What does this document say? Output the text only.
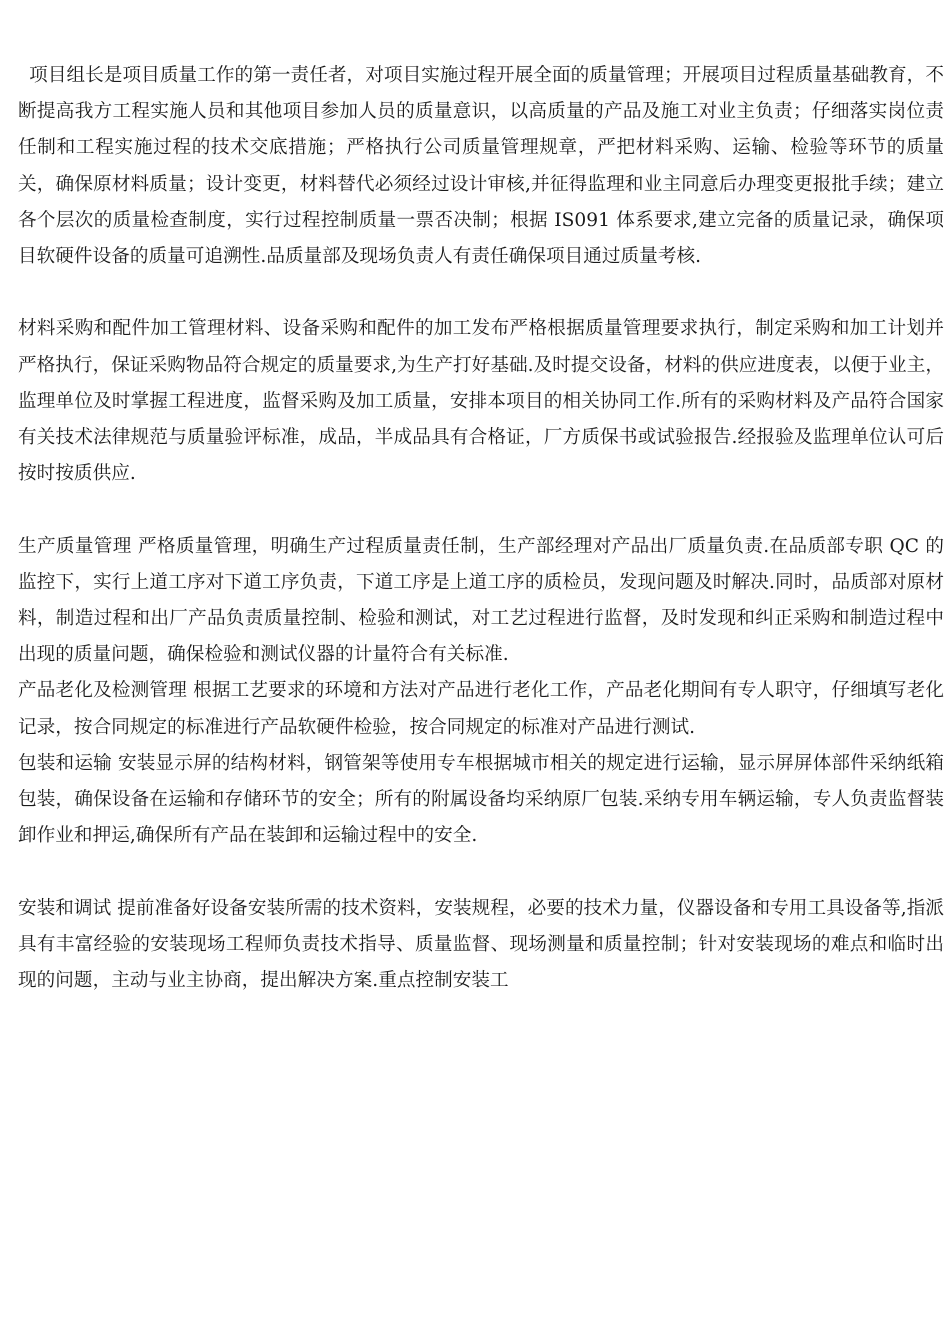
项目组长是项目质量工作的第一责任者，对项目实施过程开展全面的质量管理；开展项目过程质量基础教育，不断提高我方工程实施人员和其他项目参加人员的质量意识，以高质量的产品及施工对业主负责；仔细落实岗位责任制和工程实施过程的技术交底措施；严格执行公司质量管理规章，严把材料采购、运输、检验等环节的质量关，确保原材料质量；设计变更，材料替代必须经过设计审核,并征得监理和业主同意后办理变更报批手续；建立各个层次的质量检查制度，实行过程控制质量一票否决制；根据 IS091 体系要求,建立完备的质量记录，确保项目软硬件设备的质量可追溯性.品质量部及现场负责人有责任确保项目通过质量考核.

材料采购和配件加工管理材料、设备采购和配件的加工发布严格根据质量管理要求执行，制定采购和加工计划并严格执行，保证采购物品符合规定的质量要求,为生产打好基础.及时提交设备，材料的供应进度表，以便于业主，监理单位及时掌握工程进度，监督采购及加工质量，安排本项目的相关协同工作.所有的采购材料及产品符合国家有关技术法律规范与质量验评标准，成品，半成品具有合格证，厂方质保书或试验报告.经报验及监理单位认可后按时按质供应.

生产质量管理 严格质量管理，明确生产过程质量责任制，生产部经理对产品出厂质量负责.在品质部专职 QC 的监控下，实行上道工序对下道工序负责，下道工序是上道工序的质检员，发现问题及时解决.同时，品质部对原材料，制造过程和出厂产品负责质量控制、检验和测试，对工艺过程进行监督，及时发现和纠正采购和制造过程中出现的质量问题，确保检验和测试仪器的计量符合有关标准.

产品老化及检测管理 根据工艺要求的环境和方法对产品进行老化工作，产品老化期间有专人职守，仔细填写老化记录，按合同规定的标准进行产品软硬件检验，按合同规定的标准对产品进行测试.

包装和运输 安装显示屏的结构材料，钢管架等使用专车根据城市相关的规定进行运输，显示屏屏体部件采纳纸箱包装，确保设备在运输和存储环节的安全；所有的附属设备均采纳原厂包装.采纳专用车辆运输，专人负责监督装卸作业和押运,确保所有产品在装卸和运输过程中的安全.

安装和调试 提前准备好设备安装所需的技术资料，安装规程，必要的技术力量，仪器设备和专用工具设备等,指派具有丰富经验的安装现场工程师负责技术指导、质量监督、现场测量和质量控制；针对安装现场的难点和临时出现的问题，主动与业主协商，提出解决方案.重点控制安装工
